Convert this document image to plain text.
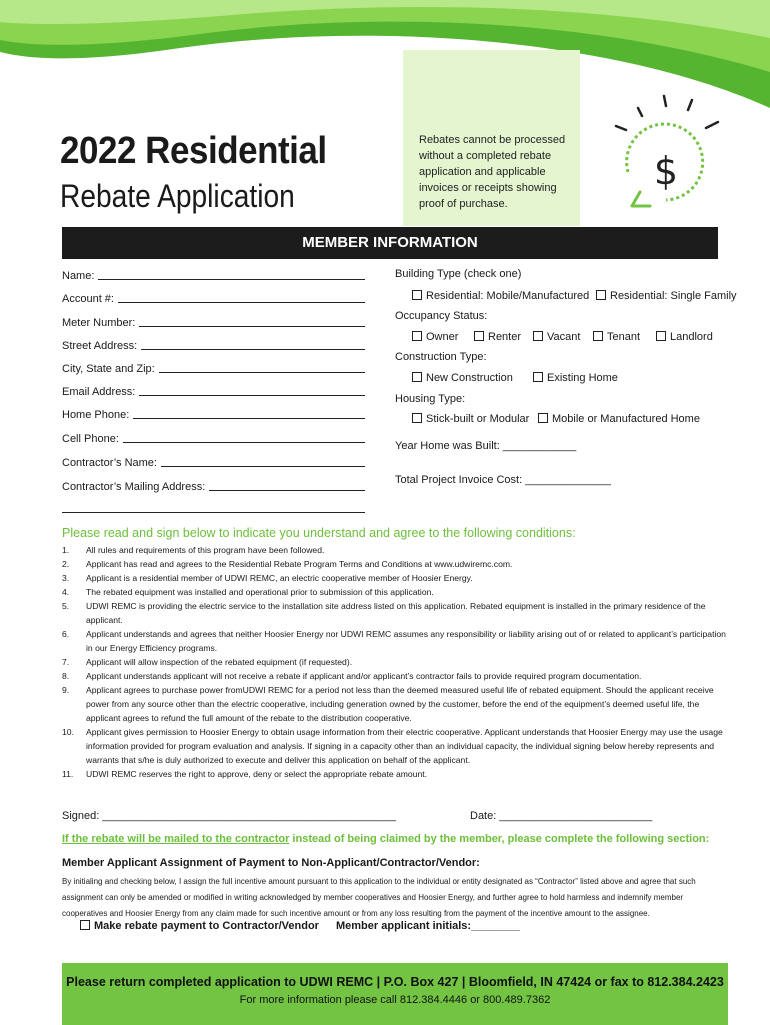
Rebates cannot be processed without a completed rebate application and applicable invoices or receipts showing proof of purchase.
2022 Residential
Rebate Application
$
MEMBER INFORMATION
Name:
Account #:
Meter Number:
Street Address:
City, State and Zip:
Email Address:
Home Phone:
Cell Phone:
Contractor’s Name:
Contractor’s Mailing Address:
Building Type (check one)
Residential: Mobile/Manufactured	Residential: Single Family
Occupancy Status:
Owner	Renter	Vacant	Tenant	Landlord
Construction Type:
New Construction	Existing Home
Housing Type:
Stick-built or Modular	Mobile or Manufactured Home
Year Home was Built: ____________
Total Project Invoice Cost: ______________
Please read and sign below to indicate you understand and agree to the following conditions:
1. All rules and requirements of this program have been followed.
2. Applicant has read and agrees to the Residential Rebate Program Terms and Conditions at www.udwiremc.com.
3. Applicant is a residential member of UDWI REMC, an electric cooperative member of Hoosier Energy.
4. The rebated equipment was installed and operational prior to submission of this application.
5. UDWI REMC is providing the electric service to the installation site address listed on this application. Rebated equipment is installed in the primary residence of the applicant.
6. Applicant understands and agrees that neither Hoosier Energy nor UDWI REMC assumes any responsibility or liability arising out of or related to applicant’s participation in our Energy Efficiency programs.
7. Applicant will allow inspection of the rebated equipment (if requested).
8. Applicant understands applicant will not receive a rebate if applicant and/or applicant’s contractor fails to provide required program documentation.
9. Applicant agrees to purchase power fromUDWI REMC for a period not less than the deemed measured useful life of rebated equipment. Should the applicant receive power from any source other than the electric cooperative, including generation owned by the customer, before the end of the equipment’s deemed useful life, the applicant agrees to refund the full amount of the rebate to the distribution cooperative.
10. Applicant gives permission to Hoosier Energy to obtain usage information from their electric cooperative. Applicant understands that Hoosier Energy may use the usage information provided for program evaluation and analysis. If signing in a capacity other than an individual capacity, the individual signing below hereby represents and warrants that s/he is duly authorized to execute and deliver this application on behalf of the applicant.
11. UDWI REMC reserves the right to approve, deny or select the appropriate rebate amount.
Signed: ________________________________________________	Date: _________________________
If the rebate will be mailed to the contractor instead of being claimed by the member, please complete the following section:
Member Applicant Assignment of Payment to Non-Applicant/Contractor/Vendor:
By initialing and checking below, I assign the full incentive amount pursuant to this application to the individual or entity designated as “Contractor” listed above and agree that such assignment can only be amended or modified in writing acknowledged by member cooperatives and Hoosier Energy, and further agree to hold harmless and indemnify member cooperatives and Hoosier Energy from any claim made for such incentive amount or from any loss resulting from the payment of the incentive amount to the assignee.
Make rebate payment to Contractor/Vendor Member applicant initials:________
Please return completed application to UDWI REMC | P.O. Box 427 | Bloomfield, IN 47424 or fax to 812.384.2423
For more information please call 812.384.4446 or 800.489.7362
